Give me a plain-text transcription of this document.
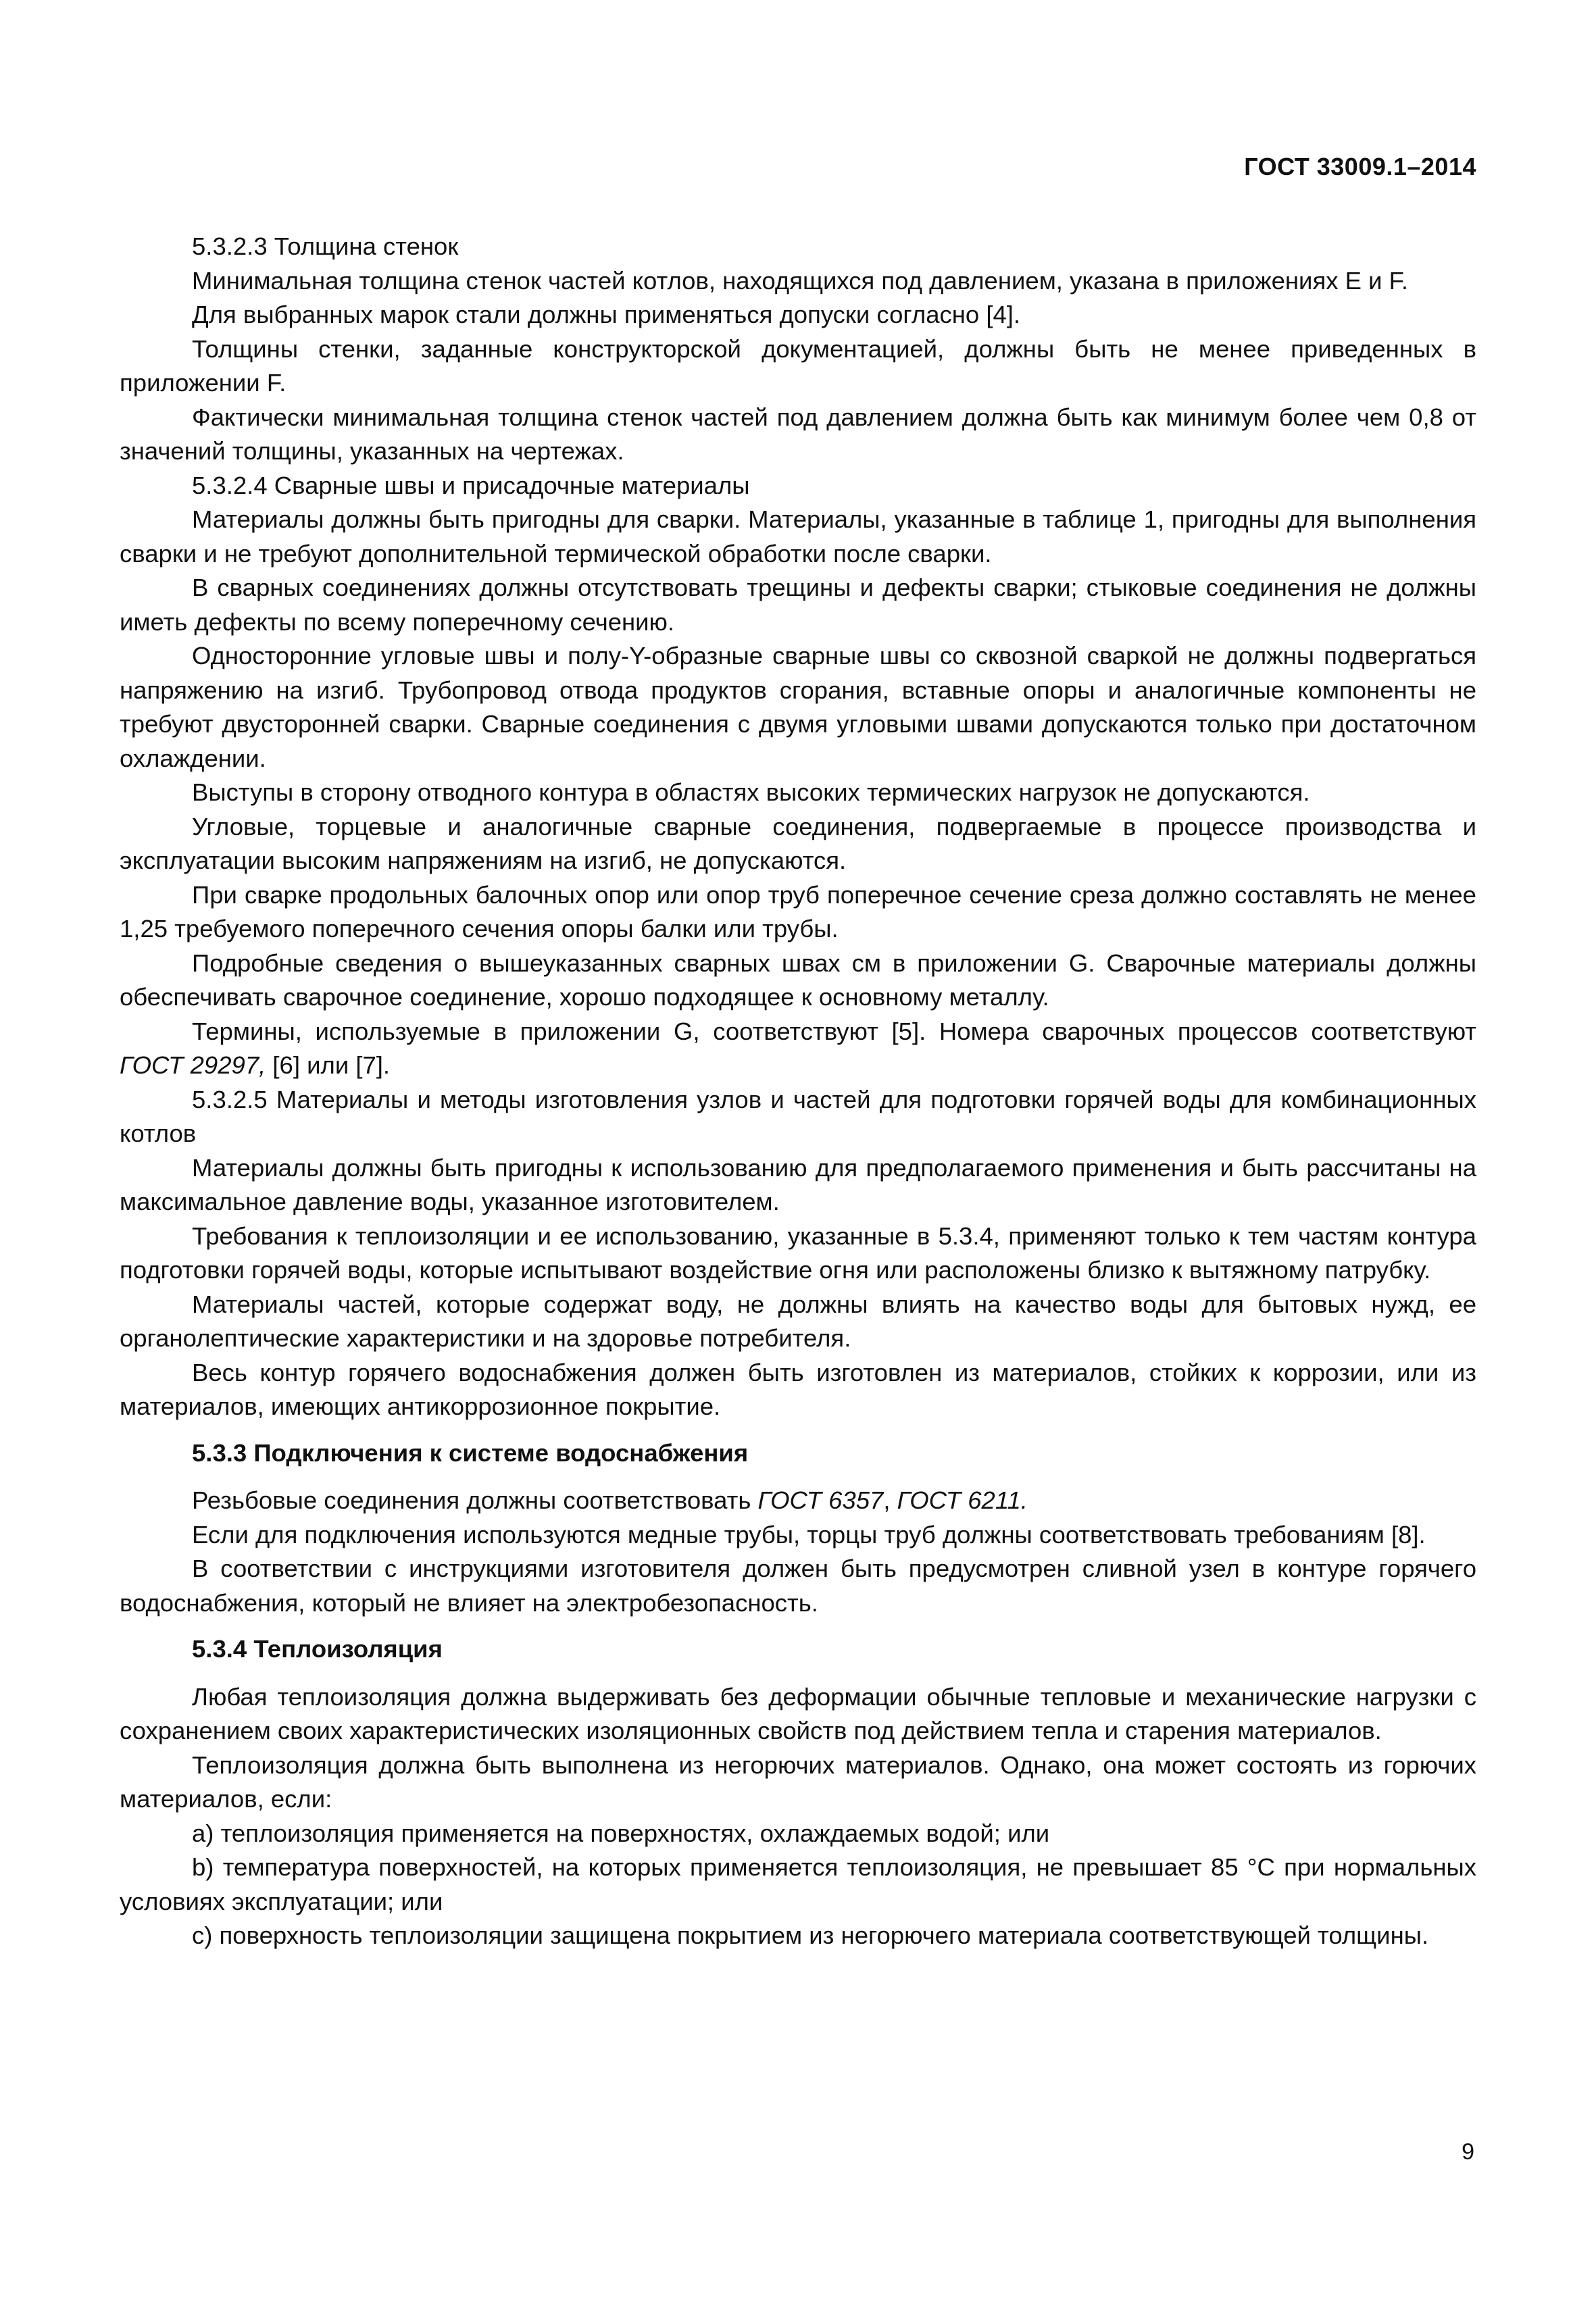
ГОСТ 33009.1–2014

5.3.2.3 Толщина стенок

Минимальная толщина стенок частей котлов, находящихся под давлением, указана в приложениях E и F.

Для выбранных марок стали должны применяться допуски согласно [4].

Толщины стенки, заданные конструкторской документацией, должны быть не менее приведенных в приложении F.

Фактически минимальная толщина стенок частей под давлением должна быть как минимум более чем 0,8 от значений толщины, указанных на чертежах.

5.3.2.4 Сварные швы и присадочные материалы

Материалы должны быть пригодны для сварки. Материалы, указанные в таблице 1, пригодны для выполнения сварки и не требуют дополнительной термической обработки после сварки.

В сварных соединениях должны отсутствовать трещины и дефекты сварки; стыковые соединения не должны иметь дефекты по всему поперечному сечению.

Односторонние угловые швы и полу-Y-образные сварные швы со сквозной сваркой не должны подвергаться напряжению на изгиб. Трубопровод отвода продуктов сгорания, вставные опоры и аналогичные компоненты не требуют двусторонней сварки. Сварные соединения с двумя угловыми швами допускаются только при достаточном охлаждении.

Выступы в сторону отводного контура в областях высоких термических нагрузок не допускаются.

Угловые, торцевые и аналогичные сварные соединения, подвергаемые в процессе производства и эксплуатации высоким напряжениям на изгиб, не допускаются.

При сварке продольных балочных опор или опор труб поперечное сечение среза должно составлять не менее 1,25 требуемого поперечного сечения опоры балки или трубы.

Подробные сведения о вышеуказанных сварных швах см в приложении G. Сварочные материалы должны обеспечивать сварочное соединение, хорошо подходящее к основному металлу.

Термины, используемые в приложении G, соответствуют [5]. Номера сварочных процессов соответствуют ГОСТ 29297, [6] или [7].

5.3.2.5 Материалы и методы изготовления узлов и частей для подготовки горячей воды для комбинационных котлов

Материалы должны быть пригодны к использованию для предполагаемого применения и быть рассчитаны на максимальное давление воды, указанное изготовителем.

Требования к теплоизоляции и ее использованию, указанные в 5.3.4, применяют только к тем частям контура подготовки горячей воды, которые испытывают воздействие огня или расположены близко к вытяжному патрубку.

Материалы частей, которые содержат воду, не должны влиять на качество воды для бытовых нужд, ее органолептические характеристики и на здоровье потребителя.

Весь контур горячего водоснабжения должен быть изготовлен из материалов, стойких к коррозии, или из материалов, имеющих антикоррозионное покрытие.

5.3.3 Подключения к системе водоснабжения

Резьбовые соединения должны соответствовать ГОСТ 6357, ГОСТ 6211.

Если для подключения используются медные трубы, торцы труб должны соответствовать требованиям [8].

В соответствии с инструкциями изготовителя должен быть предусмотрен сливной узел в контуре горячего водоснабжения, который не влияет на электробезопасность.

5.3.4 Теплоизоляция

Любая теплоизоляция должна выдерживать без деформации обычные тепловые и механические нагрузки с сохранением своих характеристических изоляционных свойств под действием тепла и старения материалов.

Теплоизоляция должна быть выполнена из негорючих материалов. Однако, она может состоять из горючих материалов, если:

a) теплоизоляция применяется на поверхностях, охлаждаемых водой; или

b) температура поверхностей, на которых применяется теплоизоляция, не превышает 85 °С при нормальных условиях эксплуатации; или

c) поверхность теплоизоляции защищена покрытием из негорючего материала соответствующей толщины.

9
